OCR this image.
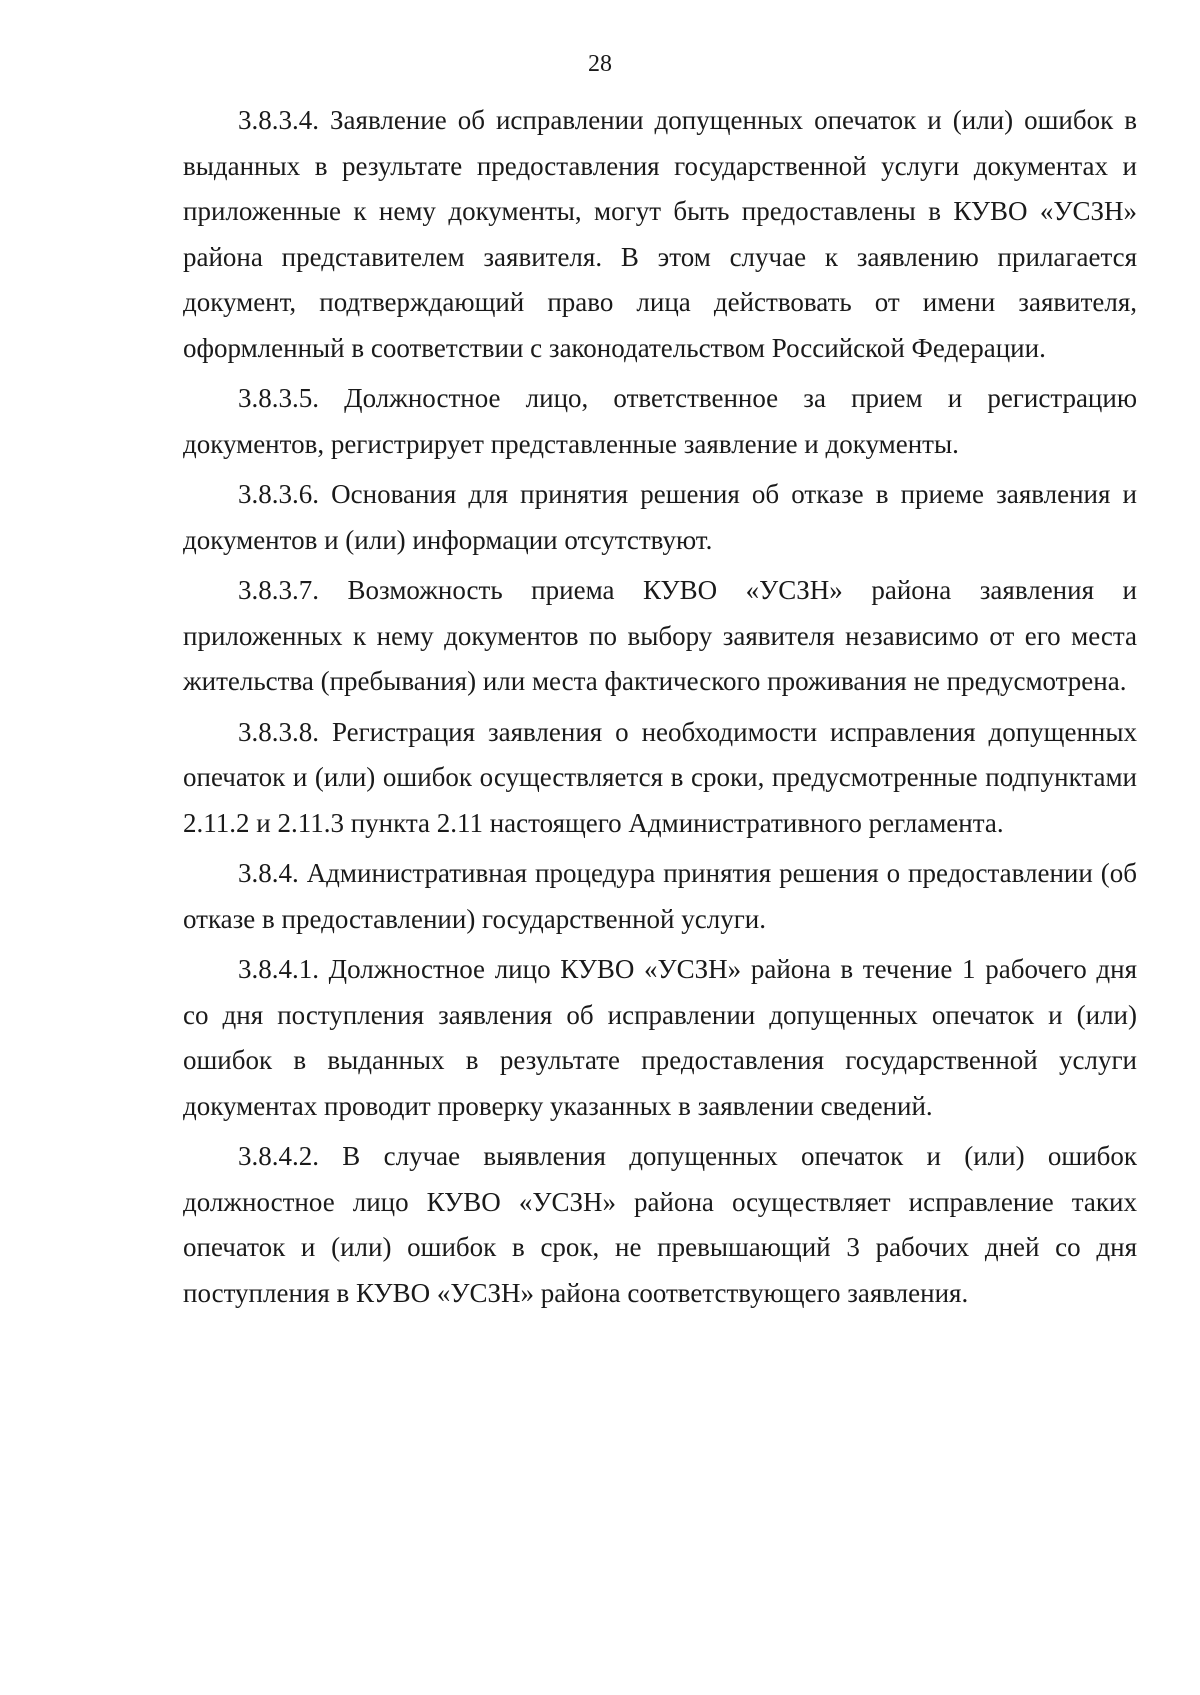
28

3.8.3.4. Заявление об исправлении допущенных опечаток и (или) ошибок в выданных в результате предоставления государственной услуги документах и приложенные к нему документы, могут быть предоставлены в КУВО «УСЗН» района представителем заявителя. В этом случае к заявлению прилагается документ, подтверждающий право лица действовать от имени заявителя, оформленный в соответствии с законодательством Российской Федерации.

3.8.3.5. Должностное лицо, ответственное за прием и регистрацию документов, регистрирует представленные заявление и документы.

3.8.3.6. Основания для принятия решения об отказе в приеме заявления и документов и (или) информации отсутствуют.

3.8.3.7. Возможность приема КУВО «УСЗН» района заявления и приложенных к нему документов по выбору заявителя независимо от его места жительства (пребывания) или места фактического проживания не предусмотрена.

3.8.3.8. Регистрация заявления о необходимости исправления допущенных опечаток и (или) ошибок осуществляется в сроки, предусмотренные подпунктами 2.11.2 и 2.11.3 пункта 2.11 настоящего Административного регламента.

3.8.4. Административная процедура принятия решения о предоставлении (об отказе в предоставлении) государственной услуги.

3.8.4.1. Должностное лицо КУВО «УСЗН» района в течение 1 рабочего дня со дня поступления заявления об исправлении допущенных опечаток и (или) ошибок в выданных в результате предоставления государственной услуги документах проводит проверку указанных в заявлении сведений.

3.8.4.2. В случае выявления допущенных опечаток и (или) ошибок должностное лицо КУВО «УСЗН» района осуществляет исправление таких опечаток и (или) ошибок в срок, не превышающий 3 рабочих дней со дня поступления в КУВО «УСЗН» района соответствующего заявления.
